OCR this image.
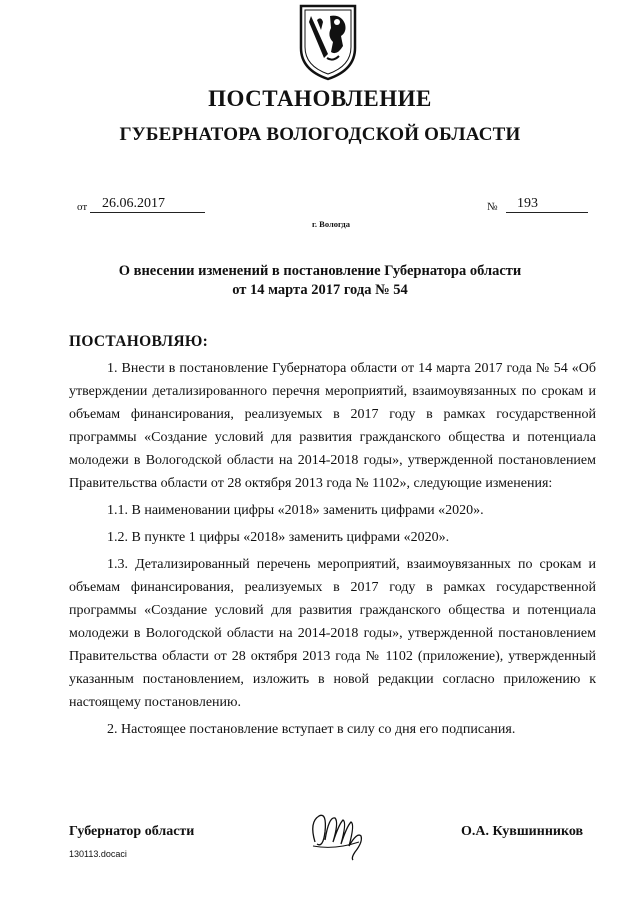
ПОСТАНОВЛЕНИЕ
ГУБЕРНАТОРА ВОЛОГОДСКОЙ ОБЛАСТИ
от	26.06.2017	№	193
г. Вологда
О внесении изменений в постановление Губернатора области
от 14 марта 2017 года № 54
ПОСТАНОВЛЯЮ:

1. Внести в постановление Губернатора области от 14 марта 2017 года № 54 «Об утверждении детализированного перечня мероприятий, взаимоувязанных по срокам и объемам финансирования, реализуемых в 2017 году в рамках государственной программы «Создание условий для развития гражданского общества и потенциала молодежи в Вологодской области на 2014-2018 годы», утвержденной постановлением Правительства области от 28 октября 2013 года № 1102», следующие изменения:

1.1. В наименовании цифры «2018» заменить цифрами «2020».

1.2. В пункте 1 цифры «2018» заменить цифрами «2020».

1.3. Детализированный перечень мероприятий, взаимоувязанных по срокам и объемам финансирования, реализуемых в 2017 году в рамках государственной программы «Создание условий для развития гражданского общества и потенциала молодежи в Вологодской области на 2014-2018 годы», утвержденной постановлением Правительства области от 28 октября 2013 года № 1102 (приложение), утвержденный указанным постановлением, изложить в новой редакции согласно приложению к настоящему постановлению.

2. Настоящее постановление вступает в силу со дня его подписания.

Губернатор области	О.А. Кувшинников
130113.docaci
